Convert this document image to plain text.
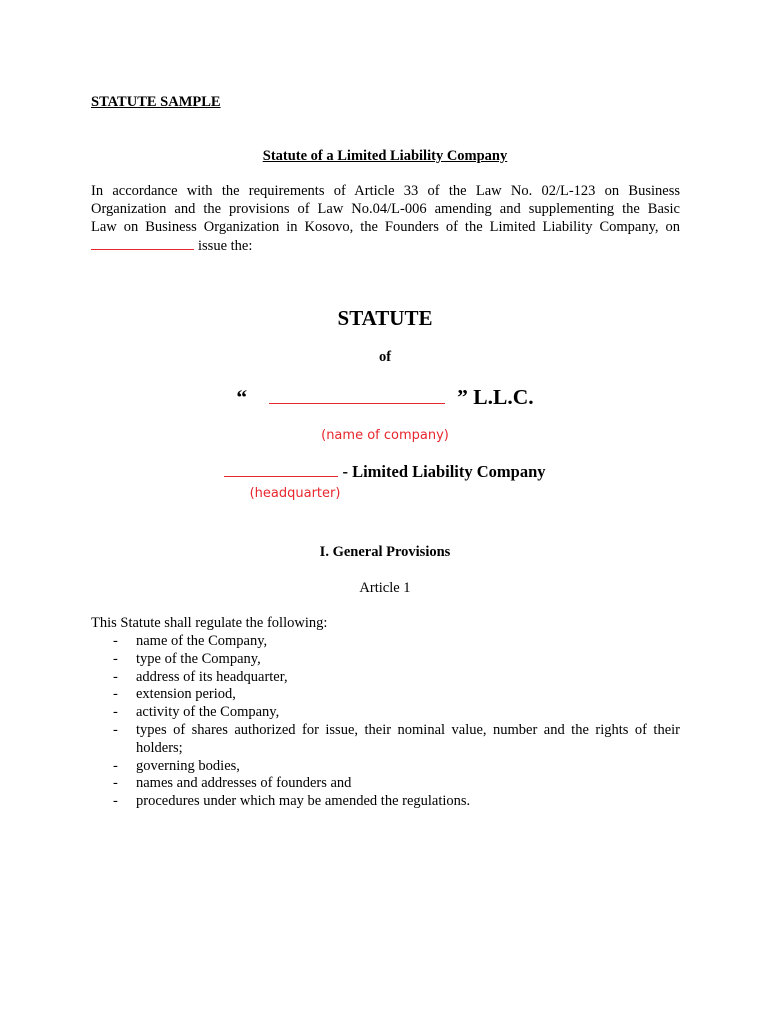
STATUTE SAMPLE
Statute of a Limited Liability Company
In accordance with the requirements of Article 33 of the Law No. 02/L-123 on Business
Organization and the provisions of Law No.04/L-006 amending and supplementing the Basic
Law on Business Organization in Kosovo, the Founders of the Limited Liability Company, on
issue the:
STATUTE
of
“	” L.L.C.
(name of company)
- Limited Liability Company
(headquarter)
I. General Provisions
Article 1
This Statute shall regulate the following:
- name of the Company,
- type of the Company,
- address of its headquarter,
- extension period,
- activity of the Company,
- types of shares authorized for issue, their nominal value, number and the rights of their holders;
- governing bodies,
- names and addresses of founders and
- procedures under which may be amended the regulations.
